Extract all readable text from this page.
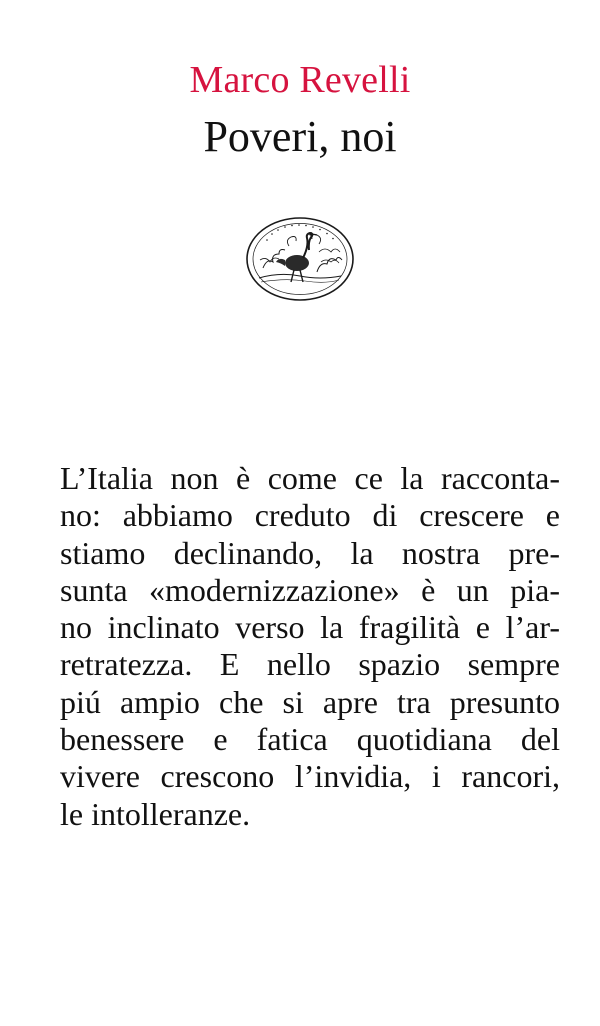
Marco Revelli
Poveri, noi

L’Italia non è come ce la racconta-
no: abbiamo creduto di crescere e
stiamo declinando, la nostra pre-
sunta «modernizzazione» è un pia-
no inclinato verso la fragilità e l’ar-
retratezza. E nello spazio sempre
piú ampio che si apre tra presunto
benessere e fatica quotidiana del
vivere crescono l’invidia, i rancori,
le intolleranze.
